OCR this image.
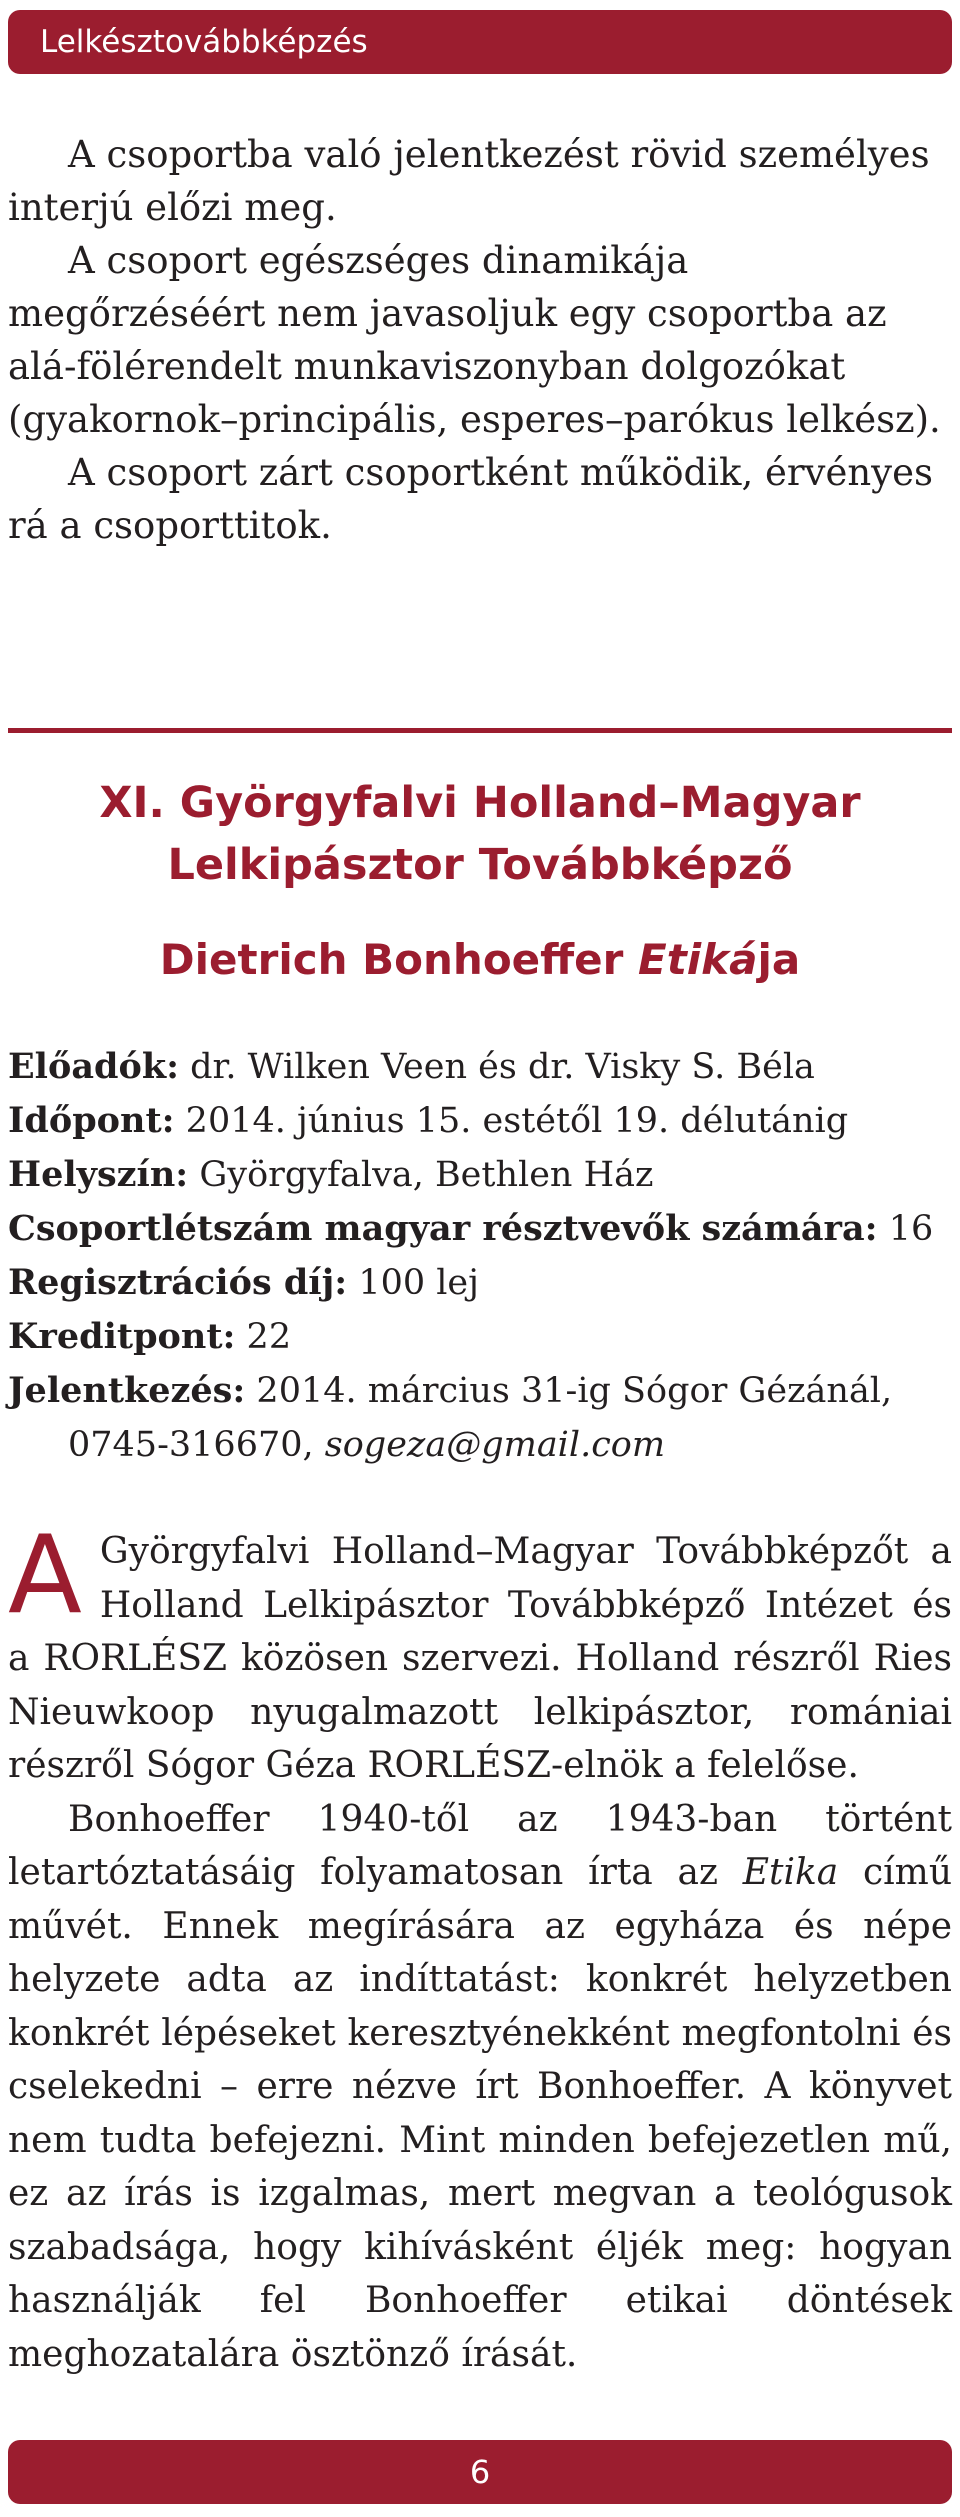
Lelkésztovábbképzés

A csoportba való jelentkezést rövid személyes interjú előzi meg.

A csoport egészséges dinamikája megőrzéséért nem javasoljuk egy csoportba az alá-fölérendelt munkaviszonyban dolgozókat (gyakornok–principális, esperes–parókus lelkész).

A csoport zárt csoportként működik, érvényes rá a csoporttitok.

XI. Györgyfalvi Holland–Magyar
Lelkipásztor Továbbképző
Dietrich Bonhoeffer Etikája
Előadók: dr. Wilken Veen és dr. Visky S. Béla
Időpont: 2014. június 15. estétől 19. délutánig
Helyszín: Györgyfalva, Bethlen Ház
Csoportlétszám magyar résztvevők számára: 16
Regisztrációs díj: 100 lej
Kreditpont: 22
Jelentkezés: 2014. március 31-ig Sógor Gézánál,
0745-316670, sogeza@gmail.com

A Györgyfalvi Holland–Magyar Továbbképzőt a Holland Lelkipásztor Továbbképző Intézet és a RORLÉSZ közösen szervezi. Holland részről Ries Nieuwkoop nyugalmazott lelkipásztor, romániai részről Sógor Géza RORLÉSZ-elnök a felelőse.

Bonhoeffer 1940-től az 1943-ban történt letartóztatásáig folyamatosan írta az Etika című művét. Ennek megírására az egyháza és népe helyzete adta az indíttatást: konkrét helyzetben konkrét lépéseket keresztyénekként megfontolni és cselekedni – erre nézve írt Bonhoeffer. A könyvet nem tudta befejezni. Mint minden befejezetlen mű, ez az írás is izgalmas, mert megvan a teológusok szabadsága, hogy kihívásként éljék meg: hogyan használják fel Bonhoeffer etikai döntések meghozatalára ösztönző írását.

6
